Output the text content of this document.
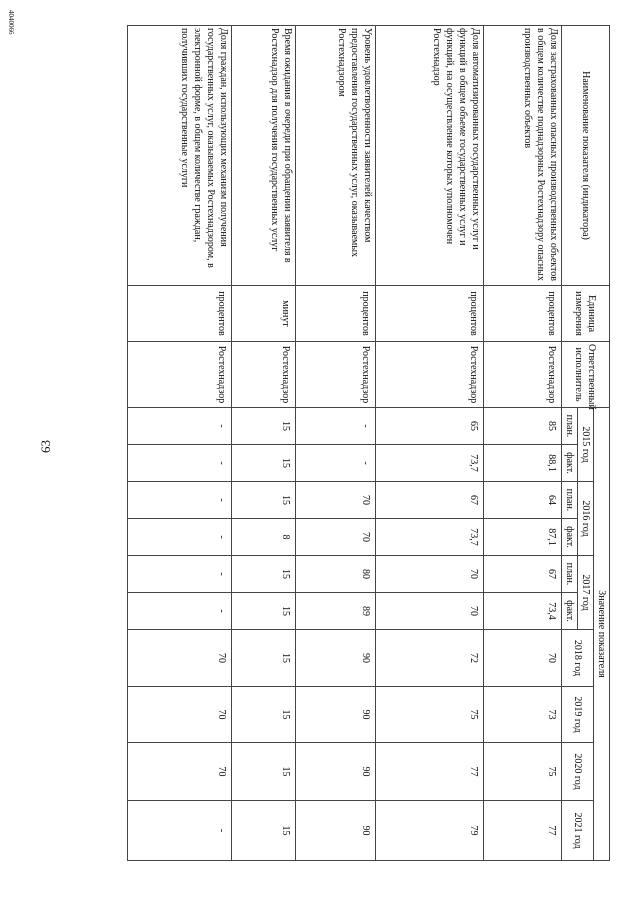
63
4040066
Наименование показателя (индикатора)	Единица измерения	Ответственный исполнитель	Значение показателя									
			2015 год		2016 год		2017 год		2018 год	2019 год	2020 год	2021 год
			план.	факт.	план.	факт.	план.	факт.				
Доля застрахованных опасных производственных объектов в общем количестве поднадзорных Ростехнадзору опасных производственных объектов	процентов	Ростехнадзор	85	88,1	64	87,1	67	73,4	70	73	75	77
Доля автоматизированных государственных услуг и функций в общем объеме государственных услуг и функций, на осуществление которых уполномочен Ростехнадзор	процентов	Ростехнадзор	65	73,7	67	73,7	70	70	72	75	77	79
Уровень удовлетворенности заявителей качеством предоставления государственных услуг, оказываемых Ростехнадзором	процентов	Ростехнадзор	-	-	70	70	80	89	90	90	90	90
Время ожидания в очереди при обращении заявителя в Ростехнадзор для получения государственных услуг	минут	Ростехнадзор	15	15	15	8	15	15	15	15	15	15
Доля граждан, использующих механизм получения государственных услуг, оказываемых Ростехнадзором, в электронной форме, в общем количестве граждан, получивших государственные услуги	процентов	Ростехнадзор	-	-	-	-	-	-	70	70	70	-
